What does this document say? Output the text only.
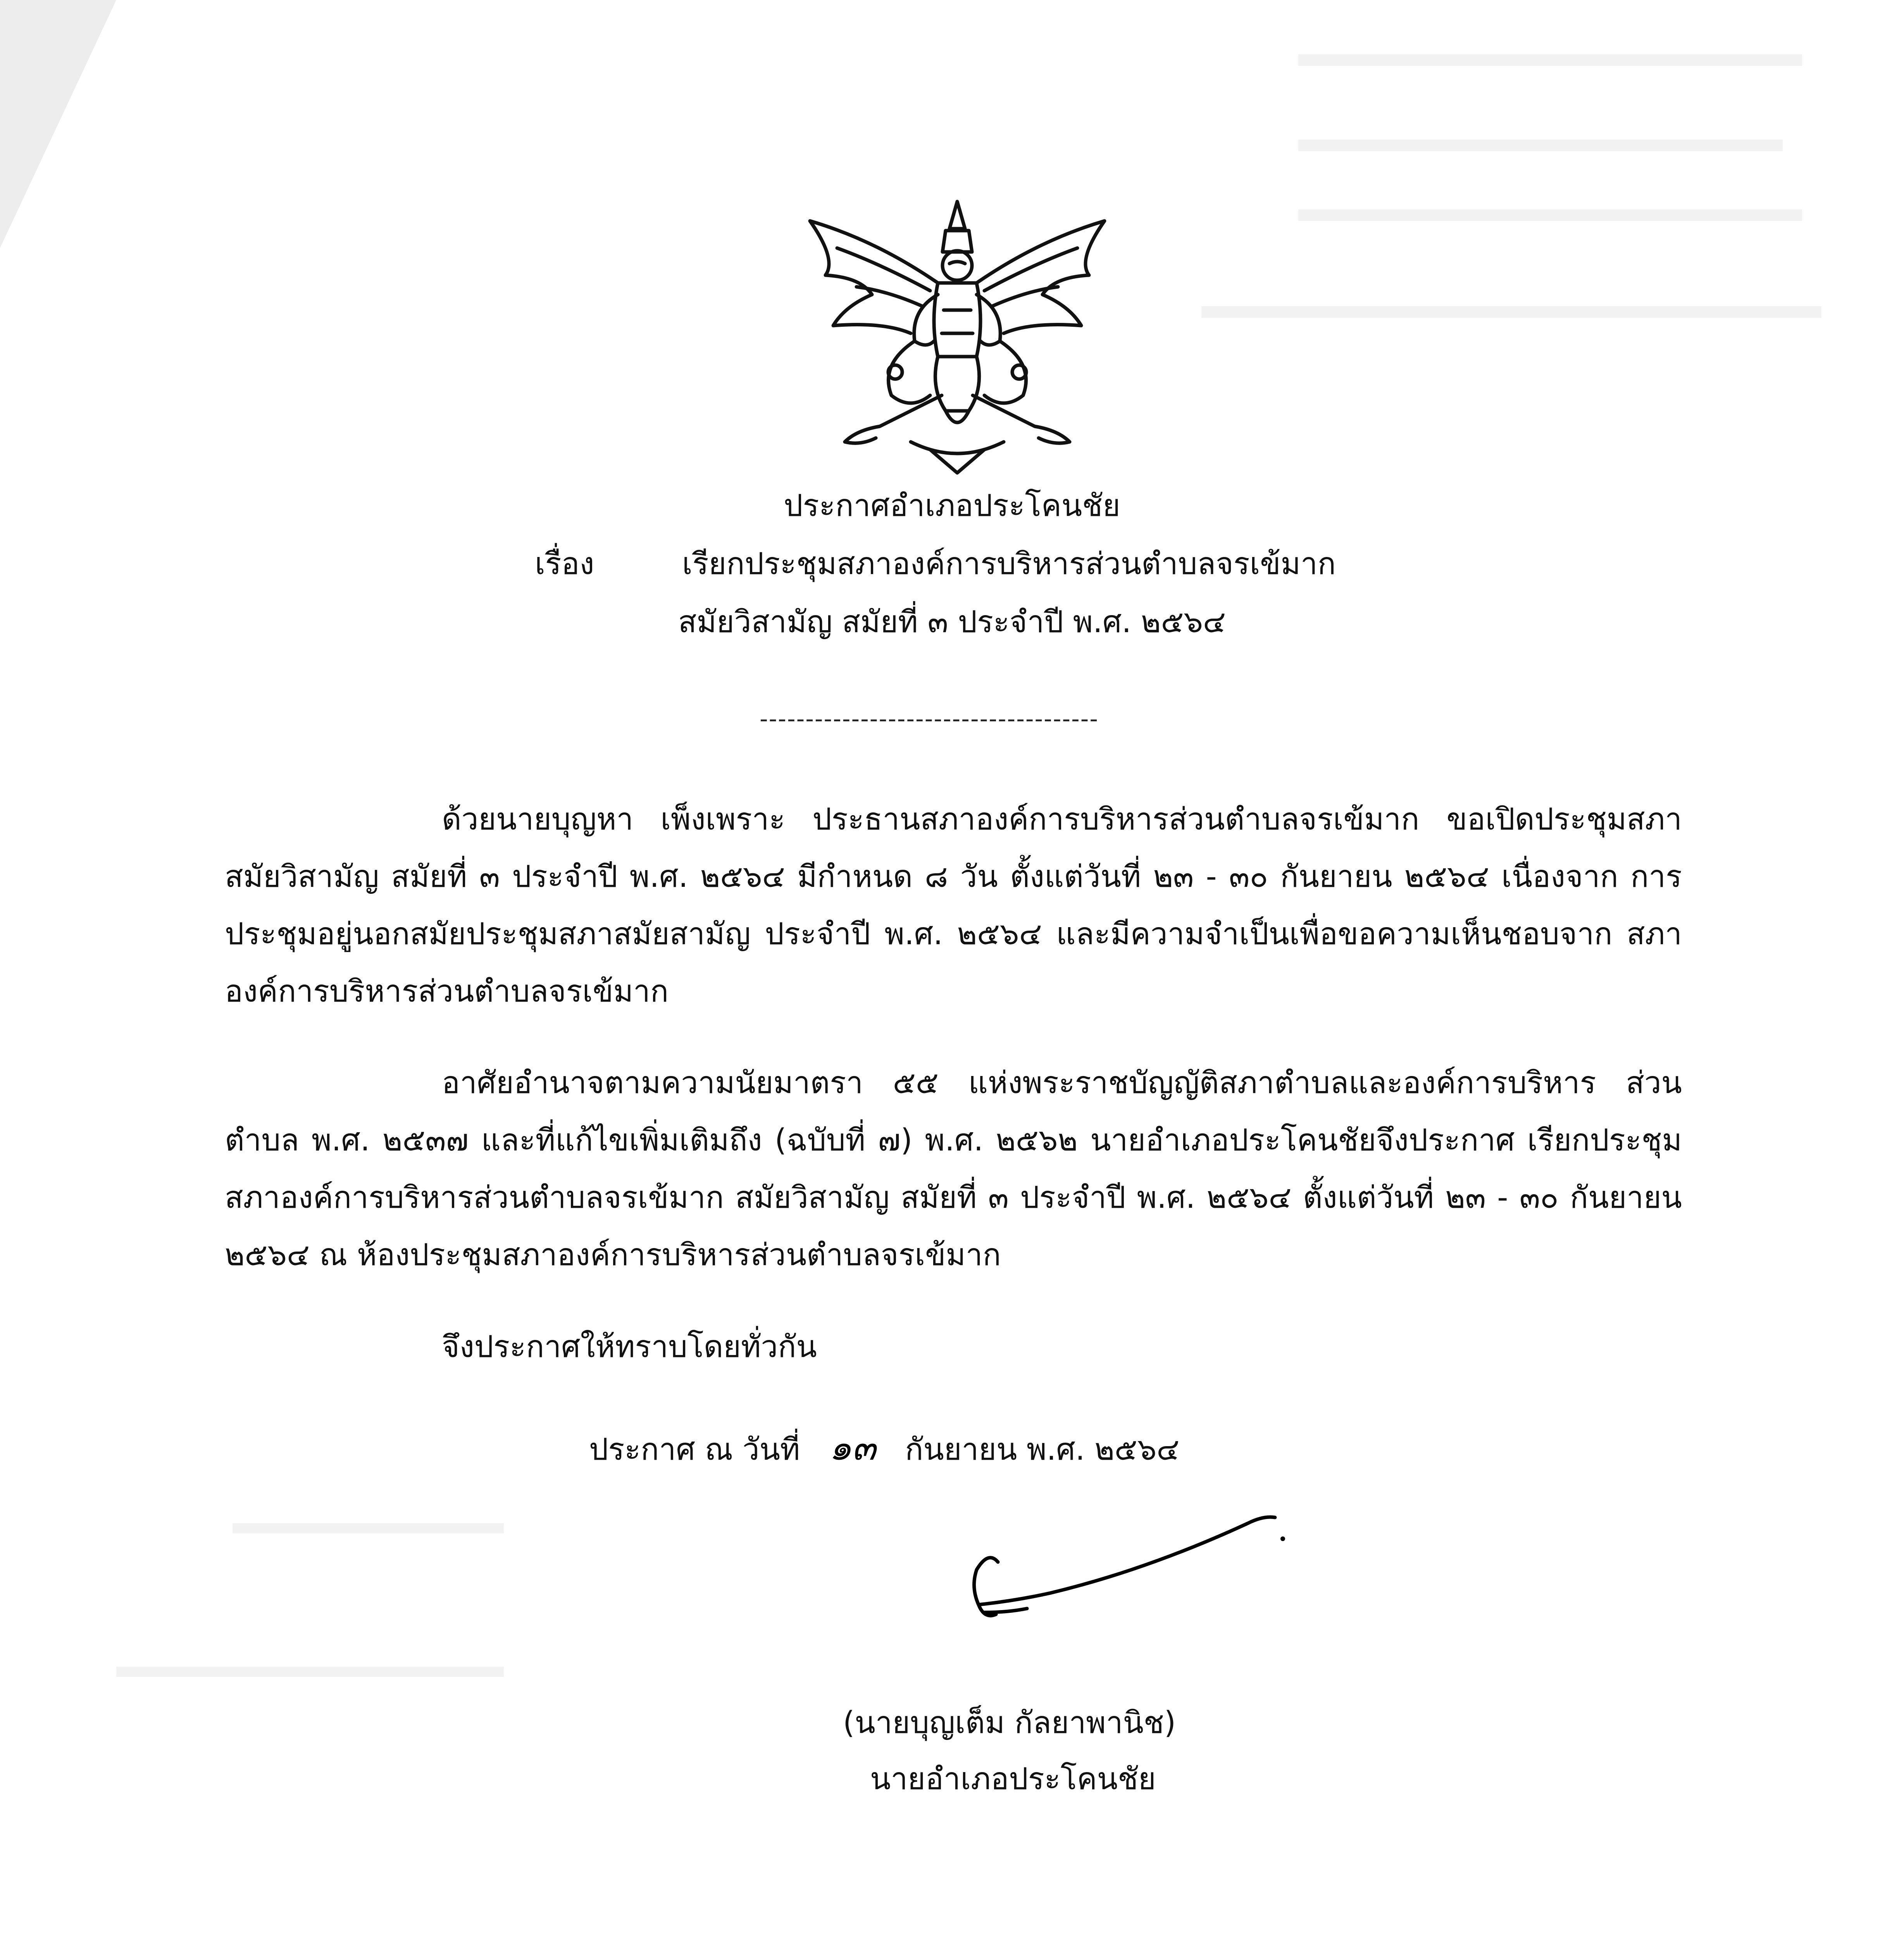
ประกาศอำเภอประโคนชัย
เรื่อง	เรียกประชุมสภาองค์การบริหารส่วนตำบลจรเข้มาก
สมัยวิสามัญ สมัยที่ ๓ ประจำปี พ.ศ. ๒๕๖๔
-------------------------------------
ด้วยนายบุญหา เพ็งเพราะ ประธานสภาองค์การบริหารส่วนตำบลจรเข้มาก ขอเปิดประชุมสภา สมัยวิสามัญ สมัยที่ ๓ ประจำปี พ.ศ. ๒๕๖๔ มีกำหนด ๘ วัน ตั้งแต่วันที่ ๒๓ - ๓๐ กันยายน ๒๕๖๔ เนื่องจาก การประชุมอยู่นอกสมัยประชุมสภาสมัยสามัญ ประจำปี พ.ศ. ๒๕๖๔ และมีความจำเป็นเพื่อขอความเห็นชอบจาก สภาองค์การบริหารส่วนตำบลจรเข้มาก
อาศัยอำนาจตามความนัยมาตรา ๕๕ แห่งพระราชบัญญัติสภาตำบลและองค์การบริหาร ส่วนตำบล พ.ศ. ๒๕๓๗ และที่แก้ไขเพิ่มเติมถึง (ฉบับที่ ๗) พ.ศ. ๒๕๖๒ นายอำเภอประโคนชัยจึงประกาศ เรียกประชุมสภาองค์การบริหารส่วนตำบลจรเข้มาก สมัยวิสามัญ สมัยที่ ๓ ประจำปี พ.ศ. ๒๕๖๔ ตั้งแต่วันที่ ๒๓ - ๓๐ กันยายน ๒๕๖๔ ณ ห้องประชุมสภาองค์การบริหารส่วนตำบลจรเข้มาก
จึงประกาศให้ทราบโดยทั่วกัน
ประกาศ ณ วันที่ ๑๓ กันยายน พ.ศ. ๒๕๖๔
(นายบุญเต็ม กัลยาพานิช)
นายอำเภอประโคนชัย
